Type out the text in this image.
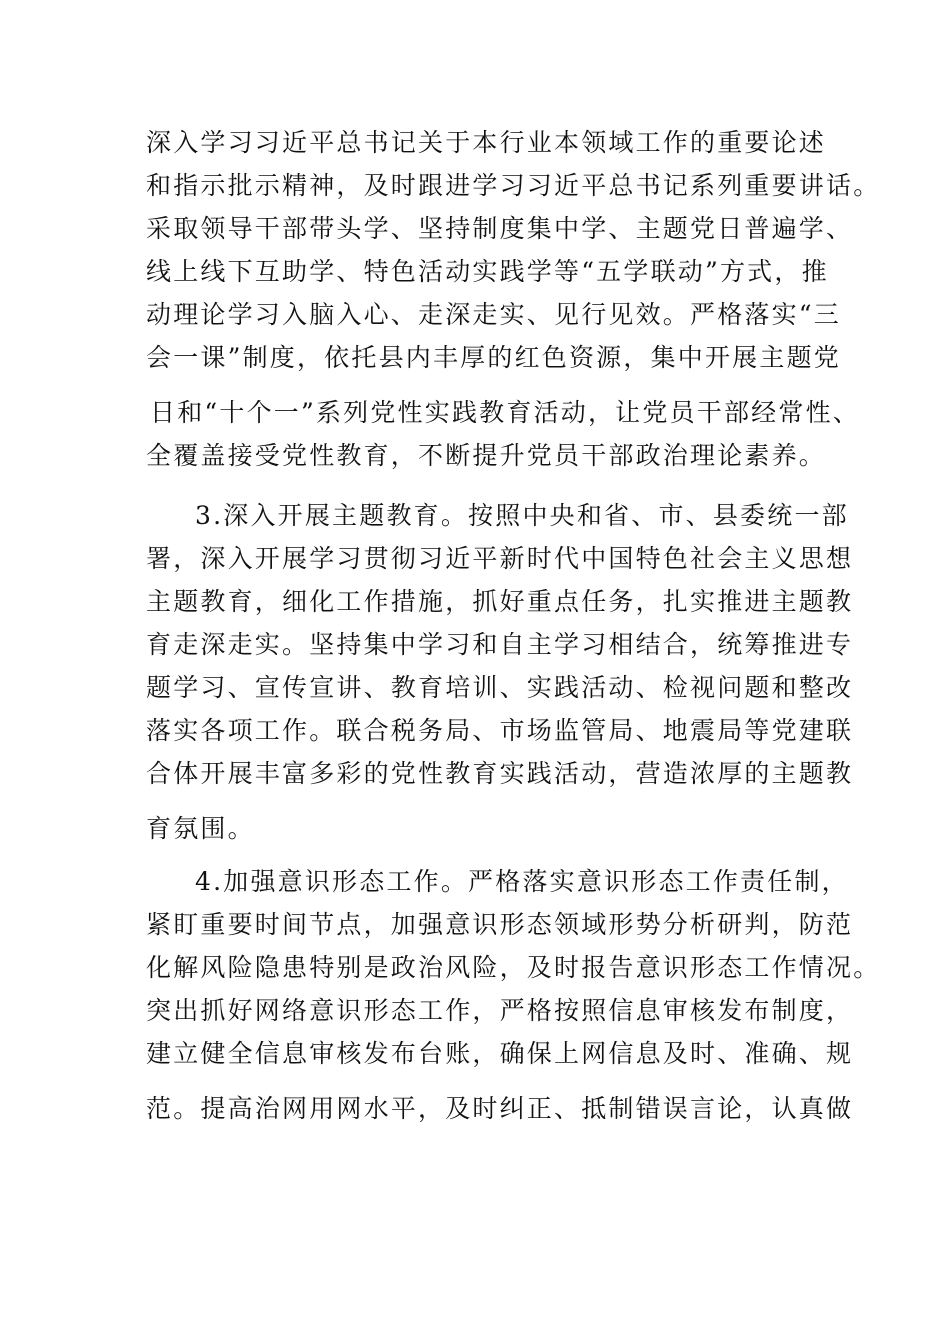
深入学习习近平总书记关于本行业本领域工作的重要论述
和指示批示精神，及时跟进学习习近平总书记系列重要讲话。
采取领导干部带头学、坚持制度集中学、主题党日普遍学、
线上线下互助学、特色活动实践学等“五学联动”方式，推
动理论学习入脑入心、走深走实、见行见效。严格落实“三
会一课”制度，依托县内丰厚的红色资源，集中开展主题党
日和“十个一”系列党性实践教育活动，让党员干部经常性、
全覆盖接受党性教育，不断提升党员干部政治理论素养。
3.深入开展主题教育。按照中央和省、市、县委统一部
署，深入开展学习贯彻习近平新时代中国特色社会主义思想
主题教育，细化工作措施，抓好重点任务，扎实推进主题教
育走深走实。坚持集中学习和自主学习相结合，统筹推进专
题学习、宣传宣讲、教育培训、实践活动、检视问题和整改
落实各项工作。联合税务局、市场监管局、地震局等党建联
合体开展丰富多彩的党性教育实践活动，营造浓厚的主题教
育氛围。
4.加强意识形态工作。严格落实意识形态工作责任制，
紧盯重要时间节点，加强意识形态领域形势分析研判，防范
化解风险隐患特别是政治风险，及时报告意识形态工作情况。
突出抓好网络意识形态工作，严格按照信息审核发布制度，
建立健全信息审核发布台账，确保上网信息及时、准确、规
范。提高治网用网水平，及时纠正、抵制错误言论，认真做
